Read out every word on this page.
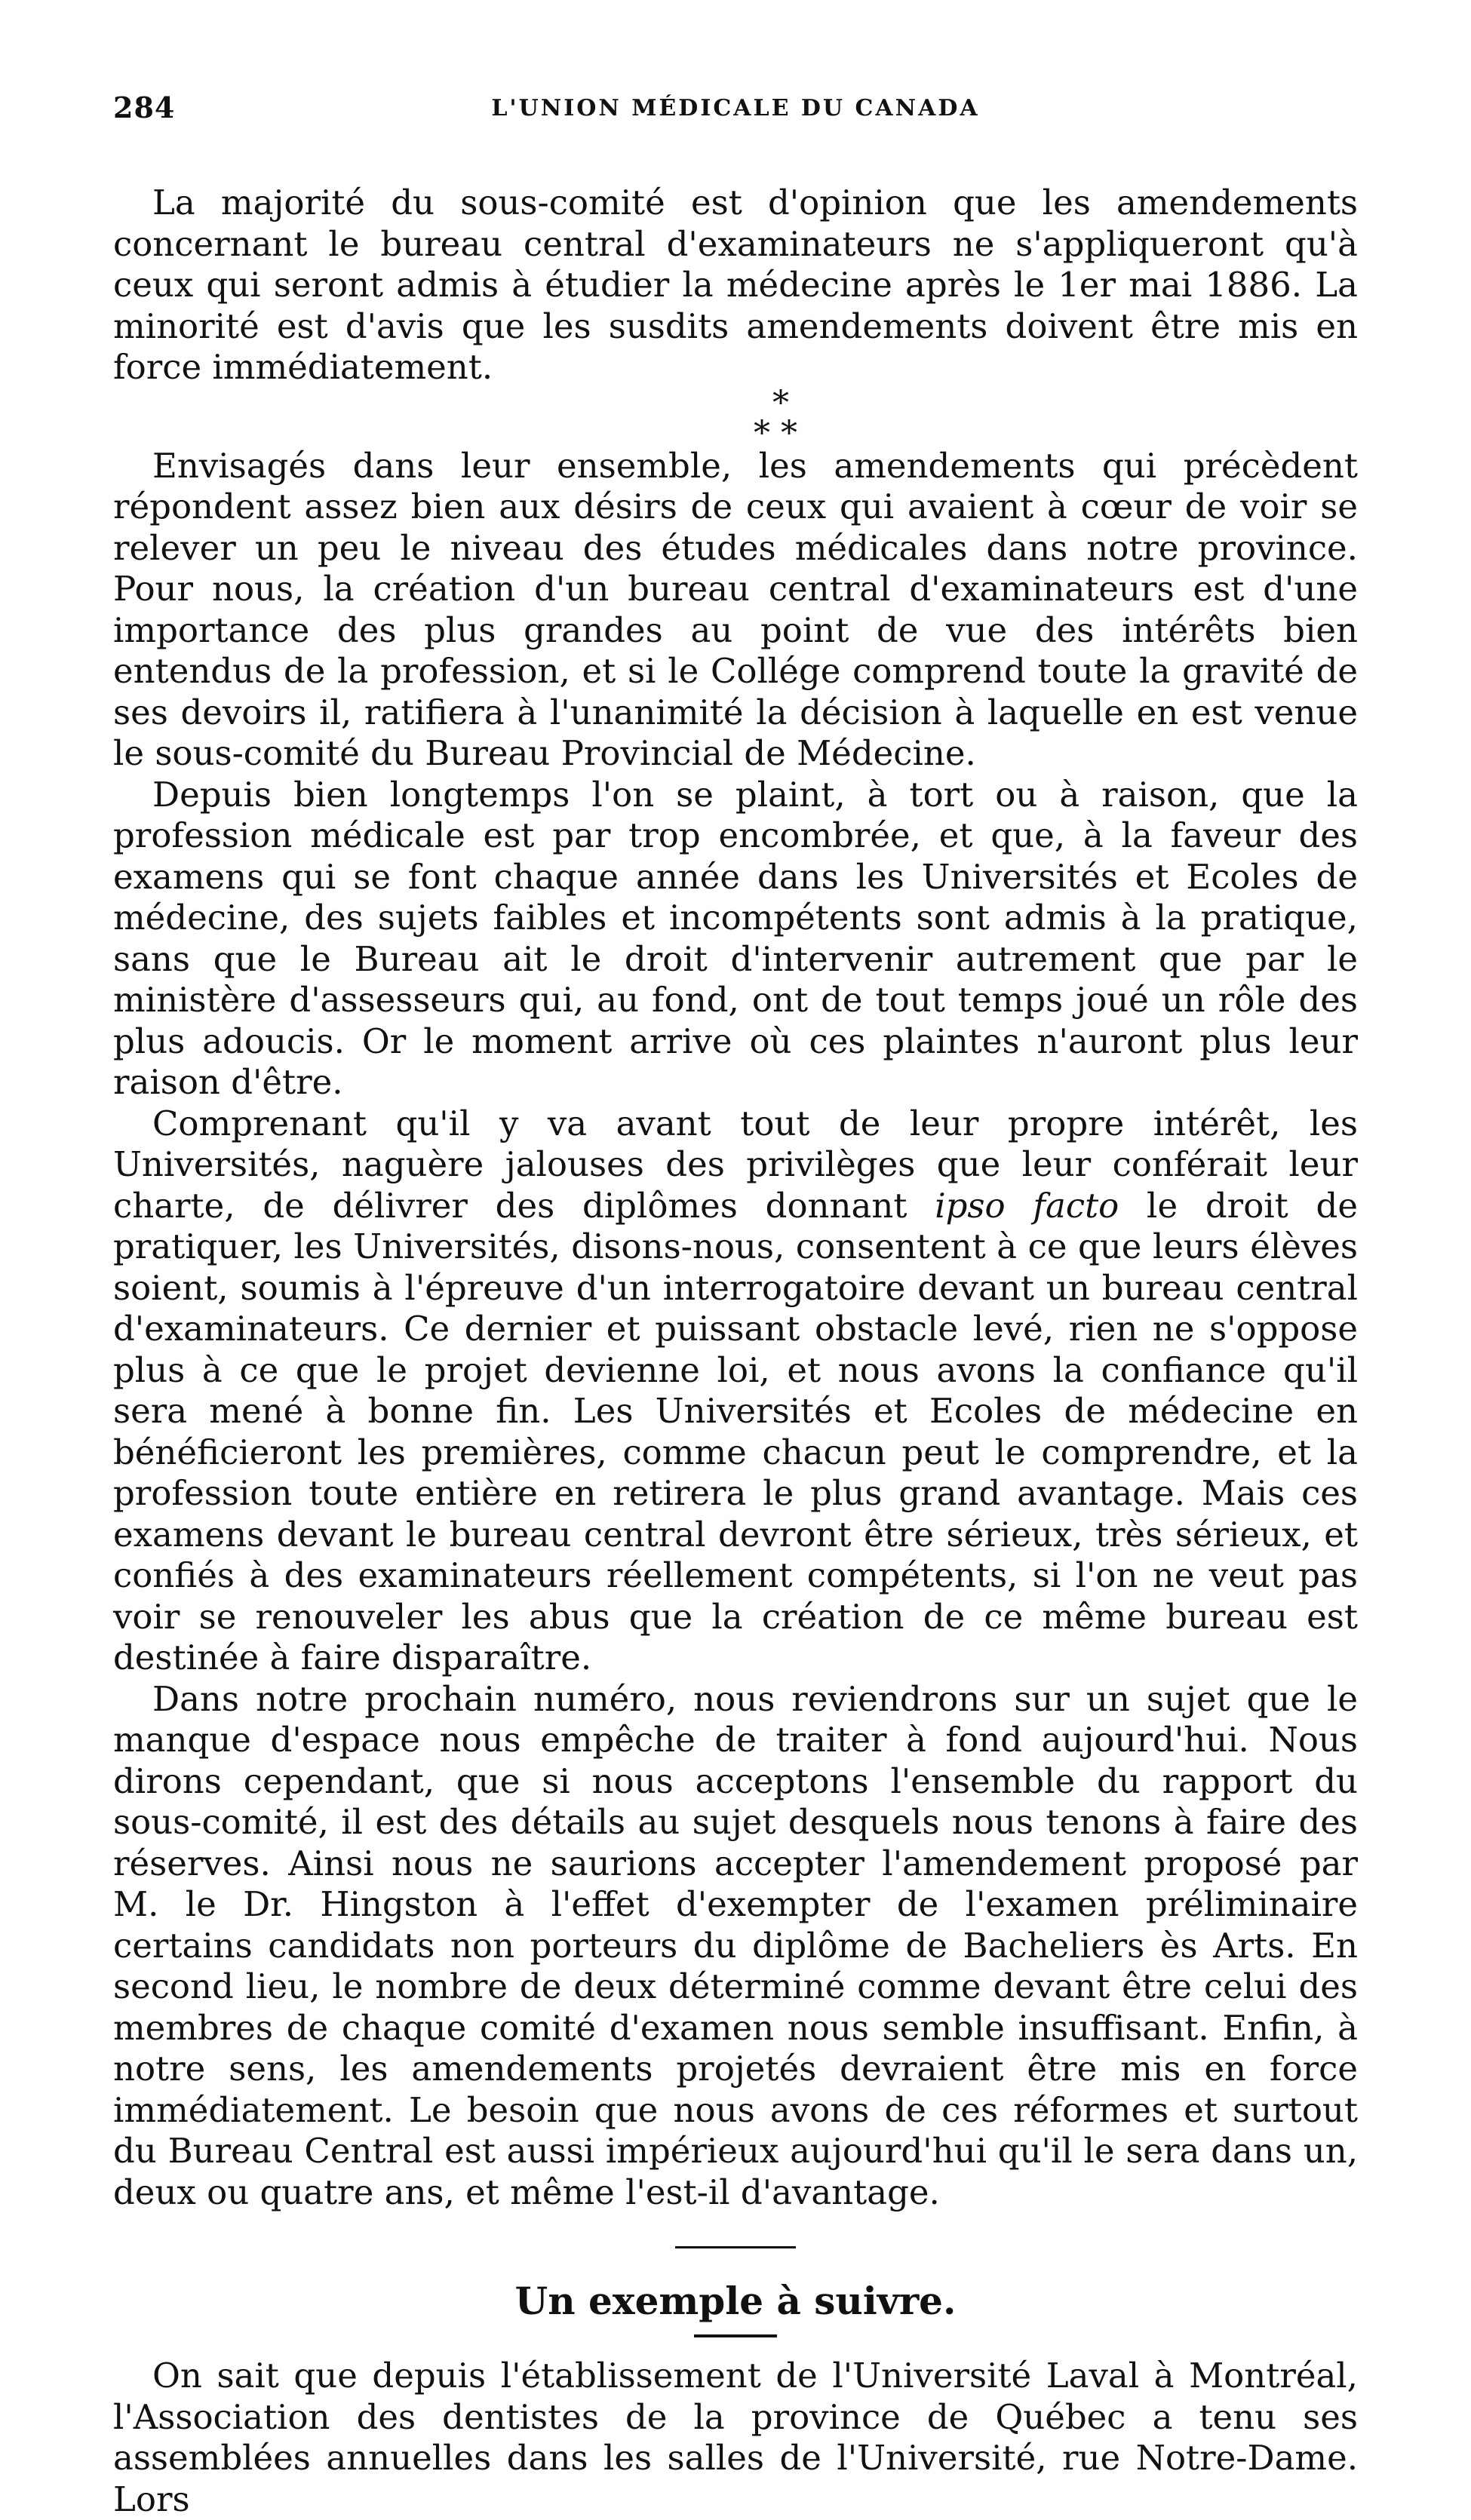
284	L'UNION MÉDICALE DU CANADA

La majorité du sous-comité est d'opinion que les amendements concernant le bureau central d'examinateurs ne s'appliqueront qu'à ceux qui seront admis à étudier la médecine après le 1er mai 1886. La minorité est d'avis que les susdits amendements doivent être mis en force immédiatement.

*
**

Envisagés dans leur ensemble, les amendements qui précèdent répondent assez bien aux désirs de ceux qui avaient à cœur de voir se relever un peu le niveau des études médicales dans notre province. Pour nous, la création d'un bureau central d'examinateurs est d'une importance des plus grandes au point de vue des intérêts bien entendus de la profession, et si le Collége comprend toute la gravité de ses devoirs il, ratifiera à l'unanimité la décision à laquelle en est venue le sous-comité du Bureau Provincial de Médecine.

Depuis bien longtemps l'on se plaint, à tort ou à raison, que la profession médicale est par trop encombrée, et que, à la faveur des examens qui se font chaque année dans les Universités et Ecoles de médecine, des sujets faibles et incompétents sont admis à la pratique, sans que le Bureau ait le droit d'intervenir autrement que par le ministère d'assesseurs qui, au fond, ont de tout temps joué un rôle des plus adoucis. Or le moment arrive où ces plaintes n'auront plus leur raison d'être.

Comprenant qu'il y va avant tout de leur propre intérêt, les Universités, naguère jalouses des privilèges que leur conférait leur charte, de délivrer des diplômes donnant ipso facto le droit de pratiquer, les Universités, disons-nous, consentent à ce que leurs élèves soient, soumis à l'épreuve d'un interrogatoire devant un bureau central d'examinateurs. Ce dernier et puissant obstacle levé, rien ne s'oppose plus à ce que le projet devienne loi, et nous avons la confiance qu'il sera mené à bonne fin. Les Universités et Ecoles de médecine en bénéficieront les premières, comme chacun peut le comprendre, et la profession toute entière en retirera le plus grand avantage. Mais ces examens devant le bureau central devront être sérieux, très sérieux, et confiés à des examinateurs réellement compétents, si l'on ne veut pas voir se renouveler les abus que la création de ce même bureau est destinée à faire disparaître.

Dans notre prochain numéro, nous reviendrons sur un sujet que le manque d'espace nous empêche de traiter à fond aujourd'hui. Nous dirons cependant, que si nous acceptons l'ensemble du rapport du sous-comité, il est des détails au sujet desquels nous tenons à faire des réserves. Ainsi nous ne saurions accepter l'amendement proposé par M. le Dr. Hingston à l'effet d'exempter de l'examen préliminaire certains candidats non porteurs du diplôme de Bacheliers ès Arts. En second lieu, le nombre de deux déterminé comme devant être celui des membres de chaque comité d'examen nous semble insuffisant. Enfin, à notre sens, les amendements projetés devraient être mis en force immédiatement. Le besoin que nous avons de ces réformes et surtout du Bureau Central est aussi impérieux aujourd'hui qu'il le sera dans un, deux ou quatre ans, et même l'est-il d'avantage.

Un exemple à suivre.

On sait que depuis l'établissement de l'Université Laval à Montréal, l'Association des dentistes de la province de Québec a tenu ses assemblées annuelles dans les salles de l'Université, rue Notre-Dame. Lors
